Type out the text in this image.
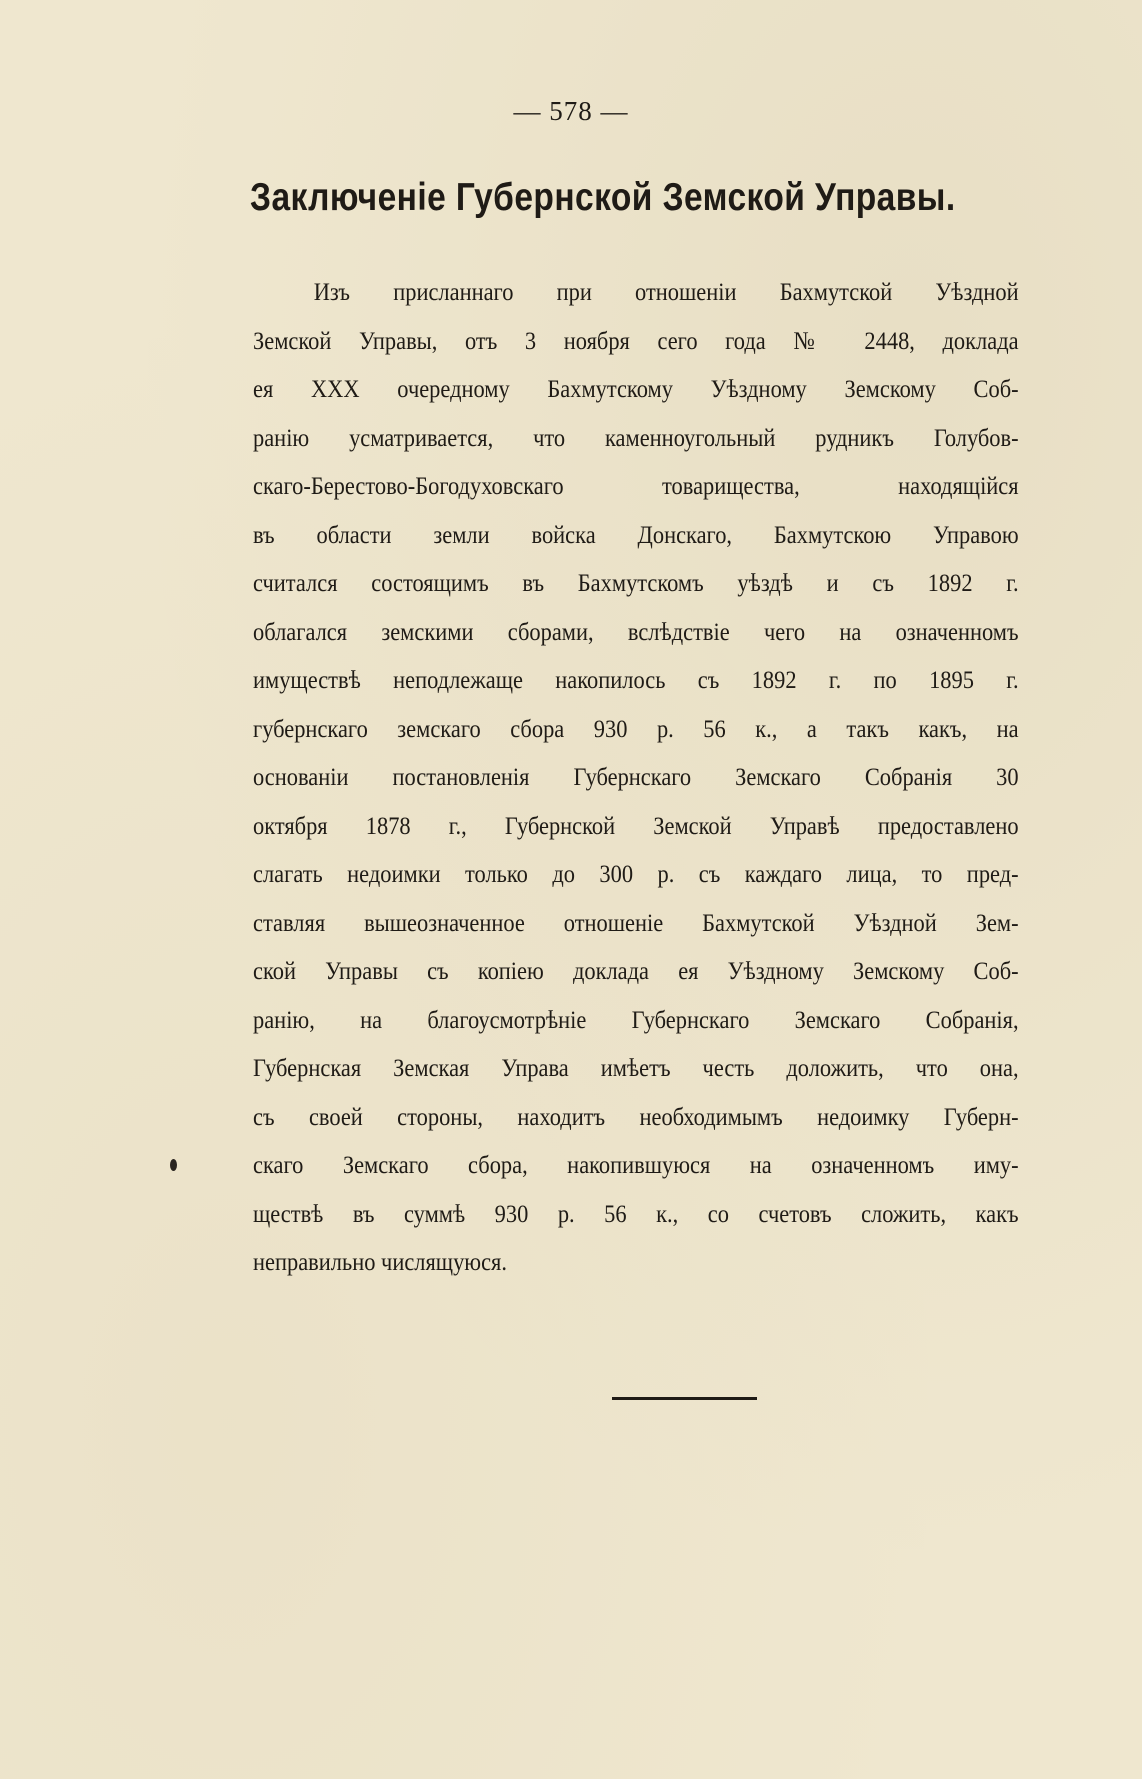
— 578 —
Заключенiе Губернской Земской Управы.
Изъ присланнаго при отношенiи Бахмутской Уѣздной
Земской Управы, отъ 3 ноября сего года № 2448, доклада
ея XXX очередному Бахмутскому Уѣздному Земскому Соб-
ранiю усматривается, что каменноугольный рудникъ Голубов-
скаго-Берестово-Богодуховскаго товарищества, находящiйся
въ области земли войска Донскаго, Бахмутскою Управою
считался состоящимъ въ Бахмутскомъ уѣздѣ и съ 1892 г.
облагался земскими сборами, вслѣдствiе чего на означенномъ
имуществѣ неподлежаще накопилось съ 1892 г. по 1895 г.
губернскаго земскаго сбора 930 р. 56 к., а такъ какъ, на
основанiи постановленiя Губернскаго Земскаго Собранiя 30
октября 1878 г., Губернской Земской Управѣ предоставлено
слагать недоимки только до 300 р. съ каждаго лица, то пред-
ставляя вышеозначенное отношенiе Бахмутской Уѣздной Зем-
ской Управы съ копiею доклада ея Уѣздному Земскому Соб-
ранiю, на благоусмотрѣнiе Губернскаго Земскаго Собранiя,
Губернская Земская Управа имѣетъ честь доложить, что она,
съ своей стороны, находитъ необходимымъ недоимку Губерн-
скаго Земскаго сбора, накопившуюся на означенномъ иму-
ществѣ въ суммѣ 930 р. 56 к., со счетовъ сложить, какъ
неправильно числящуюся.
